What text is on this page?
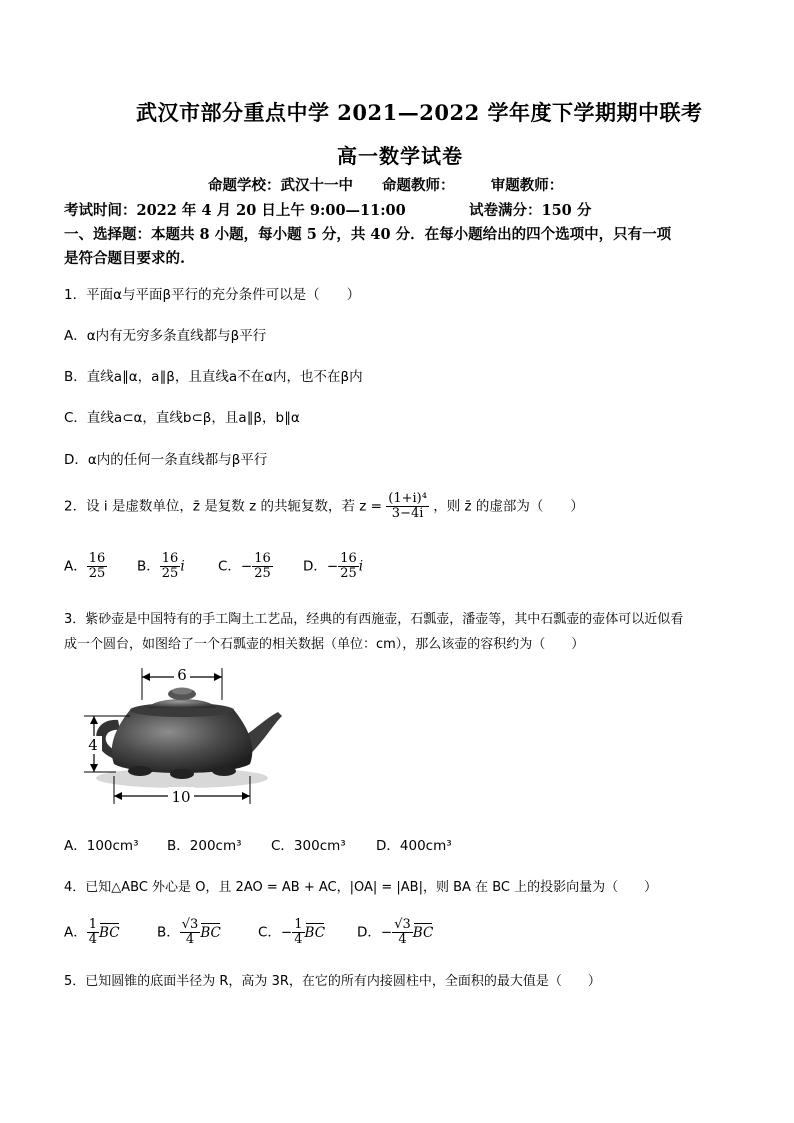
武汉市部分重点中学 2021—2022 学年度下学期期中联考
高一数学试卷
命题学校：武汉十一中　　命题教师：　　　审题教师：
考试时间：2022 年 4 月 20 日上午 9:00—11:00	试卷满分：150 分
一、选择题：本题共 8 小题，每小题 5 分，共 40 分．在每小题给出的四个选项中，只有一项
是符合题目要求的.
1．平面α与平面β平行的充分条件可以是（　　）
A．α内有无穷多条直线都与β平行
B．直线a∥α，a∥β，且直线a不在α内，也不在β内
C．直线a⊂α，直线b⊂β，且a∥β，b∥α
D．α内的任何一条直线都与β平行
2．设 i 是虚数单位，z̄ 是复数 z 的共轭复数，若 $z = \frac{\text{(1+i)⁴}}{3-4i}$ ，则 z̄ 的虚部为（　　）
A． $\frac{16}{25}$ B． $\frac{16}{25}$ i C．− $\frac{16}{25}$ D．− $\frac{16}{25}$ i
3．紫砂壶是中国特有的手工陶土工艺品，经典的有西施壶，石瓢壶，潘壶等，其中石瓢壶的壶体可以近似看
成一个圆台，如图给了一个石瓢壶的相关数据（单位：cm），那么该壶的容积约为（　　）
6
4
10
A．100cm³ B．200cm³ C．300cm³ D．400cm³
4．已知△ABC 外心是 O，且 2AO = AB + AC，|OA| = |AB|，则 BA 在 BC 上的投影向量为（　　）
A． $\frac{1}{4}$ BC	B． $\frac{√3}{4}$ BC	C．− $\frac{1}{4}$ BC D．− $\frac{√3}{4}$ BC
5．已知圆锥的底面半径为 R，高为 3R，在它的所有内接圆柱中，全面积的最大值是（　　）
